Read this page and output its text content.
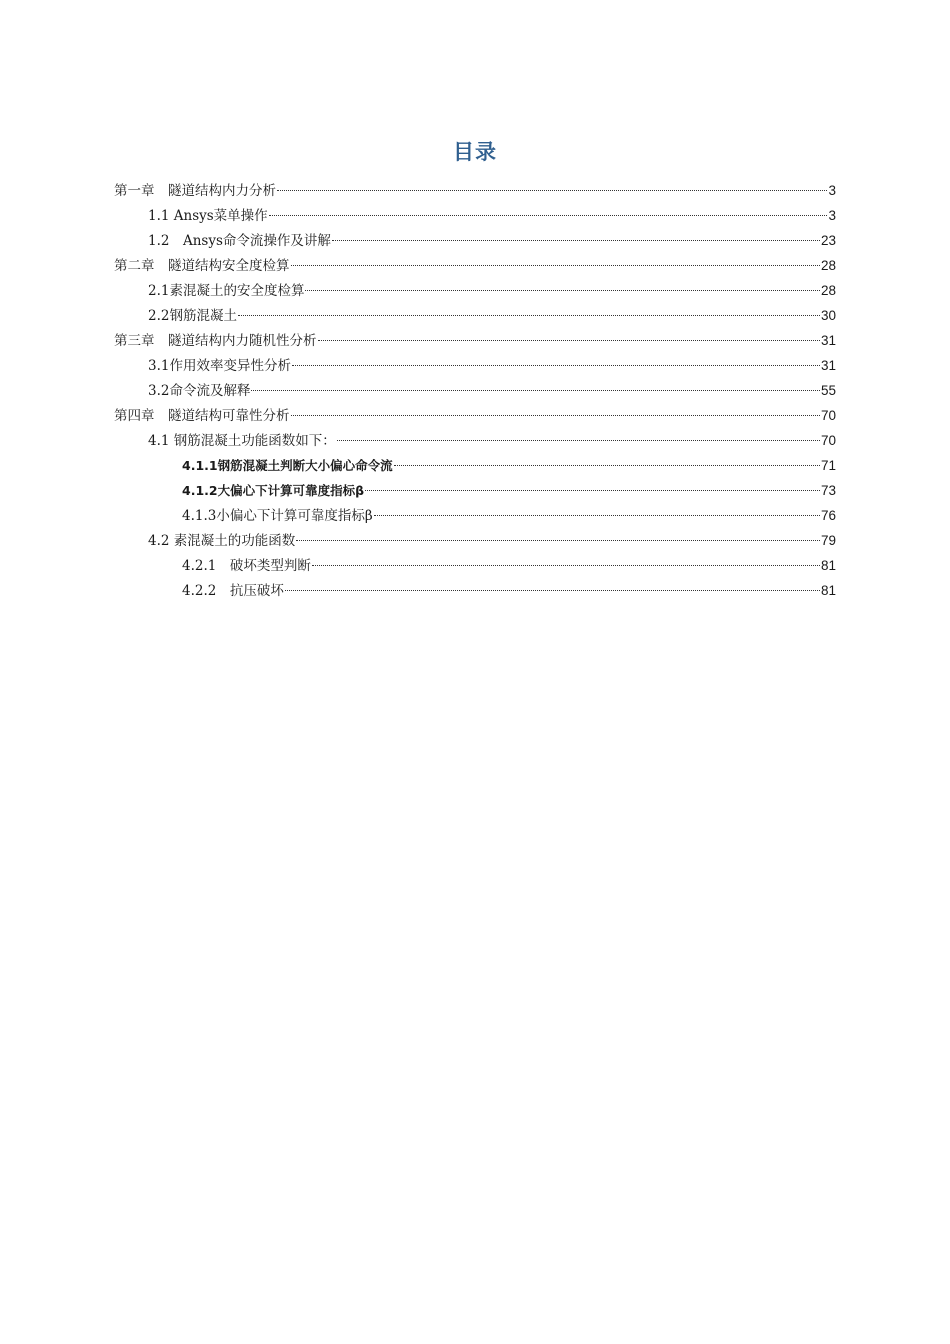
目录
第一章　隧道结构内力分析	3
1.1 Ansys菜单操作	3
1.2　Ansys命令流操作及讲解	23
第二章　隧道结构安全度检算	28
2.1素混凝土的安全度检算	28
2.2钢筋混凝土	30
第三章　隧道结构内力随机性分析	31
3.1作用效率变异性分析	31
3.2命令流及解释	55
第四章　隧道结构可靠性分析	70
4.1 钢筋混凝土功能函数如下：	70
4.1.1钢筋混凝土判断大小偏心命令流	71
4.1.2大偏心下计算可靠度指标β	73
4.1.3小偏心下计算可靠度指标β	76
4.2 素混凝土的功能函数	79
4.2.1　破坏类型判断	81
4.2.2　抗压破坏	81
